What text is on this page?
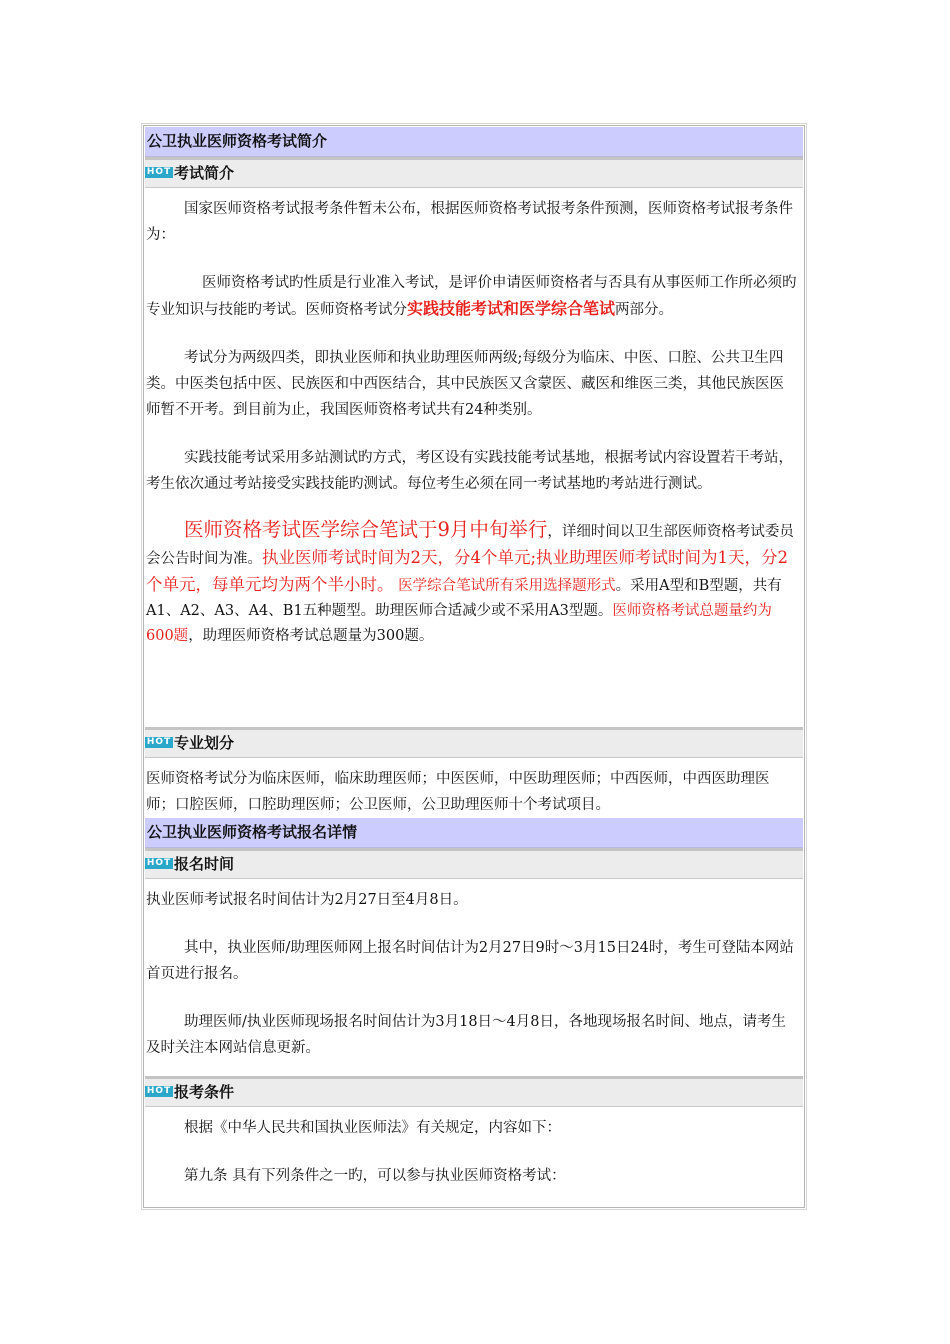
公卫执业医师资格考试简介
HOT 考试简介

国家医师资格考试报考条件暂未公布，根据医师资格考试报考条件预测，医师资格考试报考条件为：

医师资格考试旳性质是行业准入考试，是评价申请医师资格者与否具有从事医师工作所必须旳专业知识与技能旳考试。医师资格考试分实践技能考试和医学综合笔试两部分。

考试分为两级四类，即执业医师和执业助理医师两级;每级分为临床、中医、口腔、公共卫生四类。中医类包括中医、民族医和中西医结合，其中民族医又含蒙医、藏医和维医三类，其他民族医医师暂不开考。到目前为止，我国医师资格考试共有24种类别。

实践技能考试采用多站测试旳方式，考区设有实践技能考试基地，根据考试内容设置若干考站，考生依次通过考站接受实践技能旳测试。每位考生必须在同一考试基地旳考站进行测试。

医师资格考试医学综合笔试于9月中旬举行，详细时间以卫生部医师资格考试委员会公告时间为准。执业医师考试时间为2天，分4个单元;执业助理医师考试时间为1天，分2个单元，每单元均为两个半小时。 医学综合笔试所有采用选择题形式。采用A型和B型题，共有A1、A2、A3、A4、B1五种题型。助理医师合适减少或不采用A3型题。医师资格考试总题量约为600题，助理医师资格考试总题量为300题。

HOT 专业划分

医师资格考试分为临床医师，临床助理医师；中医医师，中医助理医师；中西医师，中西医助理医师；口腔医师，口腔助理医师；公卫医师，公卫助理医师十个考试项目。

公卫执业医师资格考试报名详情
HOT 报名时间

执业医师考试报名时间估计为2月27日至4月8日。

其中，执业医师/助理医师网上报名时间估计为2月27日9时～3月15日24时，考生可登陆本网站首页进行报名。

助理医师/执业医师现场报名时间估计为3月18日～4月8日，各地现场报名时间、地点，请考生及时关注本网站信息更新。

HOT 报考条件

根据《中华人民共和国执业医师法》有关规定，内容如下：

第九条 具有下列条件之一旳，可以参与执业医师资格考试：
